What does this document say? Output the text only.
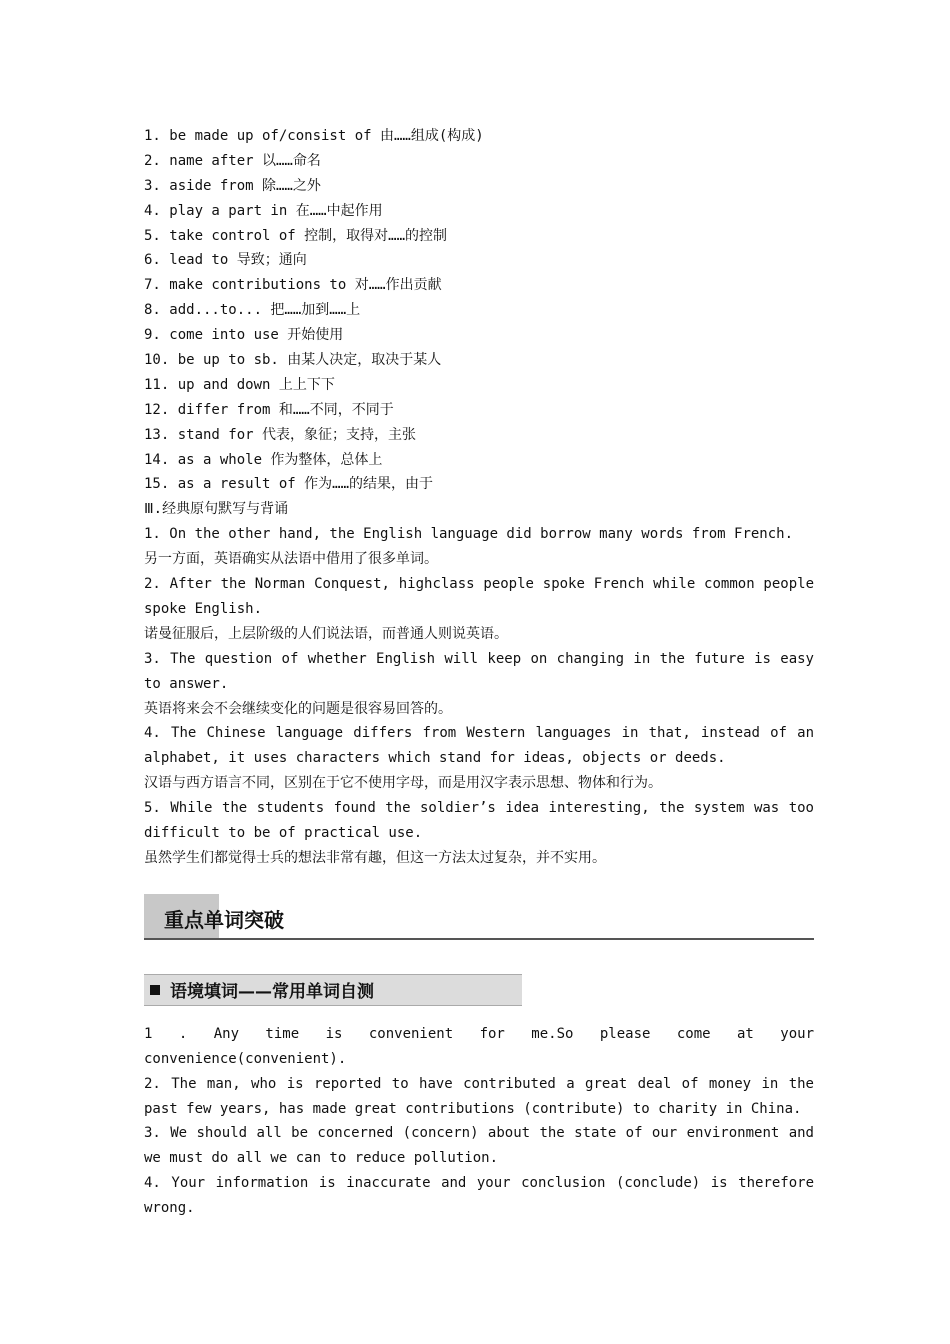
1. be made up of/consist of 由……组成(构成)
2. name after 以……命名
3. aside from 除……之外
4. play a part in 在……中起作用
5. take control of 控制，取得对……的控制
6. lead to 导致；通向
7. make contributions to 对……作出贡献
8. add...to... 把……加到……上
9. come into use 开始使用
10. be up to sb. 由某人决定，取决于某人
11. up and down 上上下下
12. differ from 和……不同，不同于
13. stand for 代表，象征；支持，主张
14. as a whole 作为整体，总体上
15. as a result of 作为……的结果，由于
Ⅲ.经典原句默写与背诵
1. On the other hand, the English language did borrow many words from French.
另一方面，英语确实从法语中借用了很多单词。
2. After the Norman Conquest, highclass people spoke French while common people spoke English.
诺曼征服后，上层阶级的人们说法语，而普通人则说英语。
3. The question of whether English will keep on changing in the future is easy to answer.
英语将来会不会继续变化的问题是很容易回答的。
4. The Chinese language differs from Western languages in that, instead of an alphabet, it uses characters which stand for ideas, objects or deeds.
汉语与西方语言不同，区别在于它不使用字母，而是用汉字表示思想、物体和行为。
5. While the students found the soldier’s idea interesting, the system was too difficult to be of practical use.
虽然学生们都觉得士兵的想法非常有趣，但这一方法太过复杂，并不实用。
重点单词突破
语境填词——常用单词自测
1 . Any time is convenient for me.So please come at your convenience(convenient).
2. The man, who is reported to have contributed a great deal of money in the past few years, has made great contributions (contribute) to charity in China.
3. We should all be concerned (concern) about the state of our environment and we must do all we can to reduce pollution.
4. Your information is inaccurate and your conclusion (conclude) is therefore wrong.
